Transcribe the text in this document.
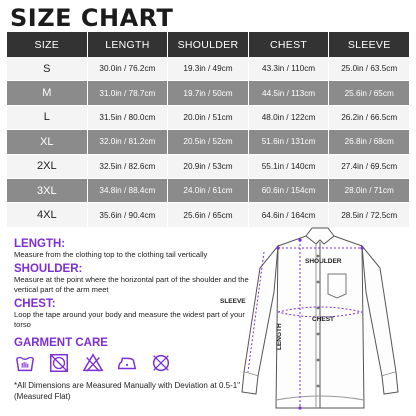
SIZE CHART
SIZE	LENGTH	SHOULDER	CHEST	SLEEVE
S	30.0in / 76.2cm	19.3in / 49cm	43.3in / 110cm	25.0in / 63.5cm
M	31.0in / 78.7cm	19.7in / 50cm	44.5in / 113cm	25.6in / 65cm
L	31.5in / 80.0cm	20.0in / 51cm	48.0in / 122cm	26.2in / 66.5cm
XL	32.0in / 81.2cm	20.5in / 52cm	51.6in / 131cm	26.8in / 68cm
2XL	32.5in / 82.6cm	20.9in / 53cm	55.1in / 140cm	27.4in / 69.5cm
3XL	34.8in / 88.4cm	24.0in / 61cm	60.6in / 154cm	28.0in / 71cm
4XL	35.6in / 90.4cm	25.6in / 65cm	64.6in / 164cm	28.5in / 72.5cm
LENGTH:
Measure from the clothing top to the clothing tail vertically
SHOULDER:
Measure at the point where the horizontal part of the shoulder and the vertical part of the arm meet
CHEST:
Loop the tape around your body and measure the widest part of your torso
GARMENT CARE
*All Dimensions are Measured Manually with Deviation at 0.5-1" (Measured Flat)
SHOULDER
SLEEVE
CHEST
LENGTH
